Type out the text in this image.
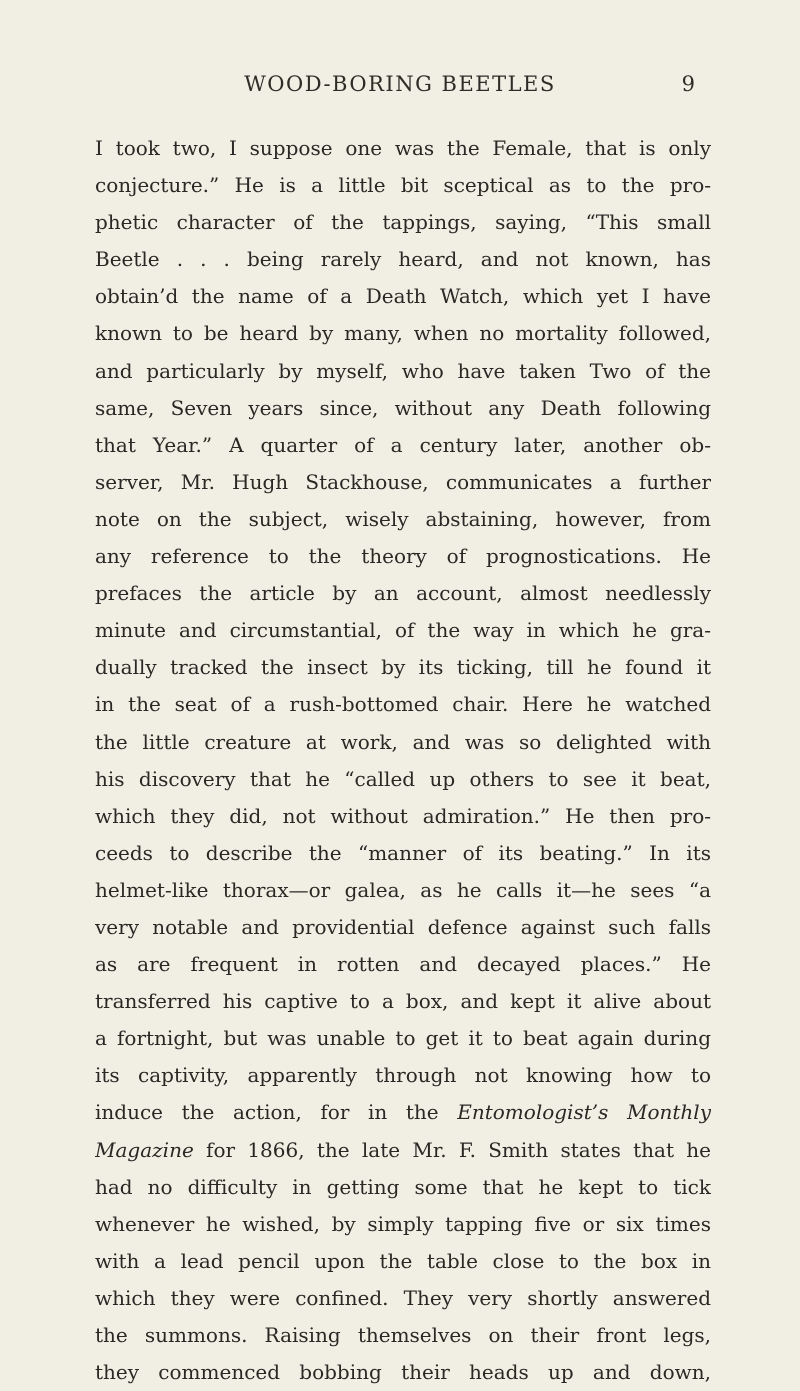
WOOD-BORING BEETLES	9
I took two, I suppose one was the Female, that is only
conjecture.” He is a little bit sceptical as to the pro-
phetic character of the tappings, saying, “This small
Beetle . . . being rarely heard, and not known, has
obtain’d the name of a Death Watch, which yet I have
known to be heard by many, when no mortality followed,
and particularly by myself, who have taken Two of the
same, Seven years since, without any Death following
that Year.” A quarter of a century later, another ob-
server, Mr. Hugh Stackhouse, communicates a further
note on the subject, wisely abstaining, however, from
any reference to the theory of prognostications. He
prefaces the article by an account, almost needlessly
minute and circumstantial, of the way in which he gra-
dually tracked the insect by its ticking, till he found it
in the seat of a rush-bottomed chair. Here he watched
the little creature at work, and was so delighted with
his discovery that he “called up others to see it beat,
which they did, not without admiration.” He then pro-
ceeds to describe the “manner of its beating.” In its
helmet-like thorax—or galea, as he calls it—he sees “a
very notable and providential defence against such falls
as are frequent in rotten and decayed places.” He
transferred his captive to a box, and kept it alive about
a fortnight, but was unable to get it to beat again during
its captivity, apparently through not knowing how to
induce the action, for in the Entomologist’s Monthly
Magazine for 1866, the late Mr. F. Smith states that he
had no difficulty in getting some that he kept to tick
whenever he wished, by simply tapping five or six times
with a lead pencil upon the table close to the box in
which they were confined. They very shortly answered
the summons. Raising themselves on their front legs,
they commenced bobbing their heads up and down,
